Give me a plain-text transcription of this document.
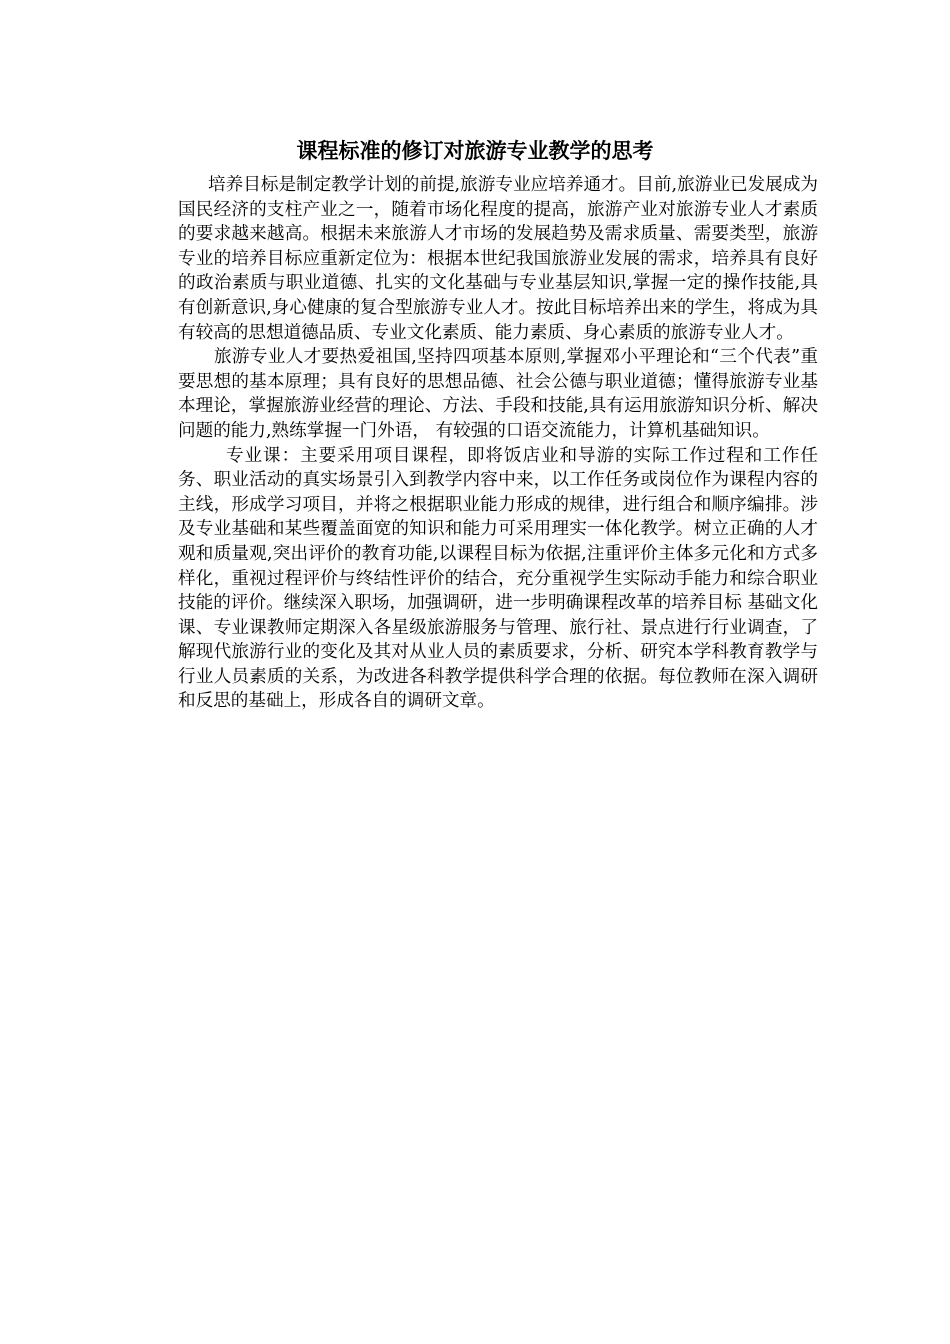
课程标准的修订对旅游专业教学的思考

培养目标是制定教学计划的前提,旅游专业应培养通才。目前,旅游业已发展成为国民经济的支柱产业之一，随着市场化程度的提高，旅游产业对旅游专业人才素质的要求越来越高。根据未来旅游人才市场的发展趋势及需求质量、需要类型，旅游专业的培养目标应重新定位为：根据本世纪我国旅游业发展的需求，培养具有良好的政治素质与职业道德、扎实的文化基础与专业基层知识,掌握一定的操作技能,具有创新意识,身心健康的复合型旅游专业人才。按此目标培养出来的学生，将成为具有较高的思想道德品质、专业文化素质、能力素质、身心素质的旅游专业人才。

旅游专业人才要热爱祖国,坚持四项基本原则,掌握邓小平理论和“三个代表”重要思想的基本原理；具有良好的思想品德、社会公德与职业道德；懂得旅游专业基本理论，掌握旅游业经营的理论、方法、手段和技能,具有运用旅游知识分析、解决问题的能力,熟练掌握一门外语， 有较强的口语交流能力，计算机基础知识。

专业课：主要采用项目课程，即将饭店业和导游的实际工作过程和工作任务、职业活动的真实场景引入到教学内容中来，以工作任务或岗位作为课程内容的主线，形成学习项目，并将之根据职业能力形成的规律，进行组合和顺序编排。涉及专业基础和某些覆盖面宽的知识和能力可采用理实一体化教学。树立正确的人才观和质量观,突出评价的教育功能,以课程目标为依据,注重评价主体多元化和方式多样化，重视过程评价与终结性评价的结合，充分重视学生实际动手能力和综合职业技能的评价。继续深入职场，加强调研，进一步明确课程改革的培养目标 基础文化课、专业课教师定期深入各星级旅游服务与管理、旅行社、景点进行行业调查，了解现代旅游行业的变化及其对从业人员的素质要求，分析、研究本学科教育教学与行业人员素质的关系，为改进各科教学提供科学合理的依据。每位教师在深入调研和反思的基础上，形成各自的调研文章。
